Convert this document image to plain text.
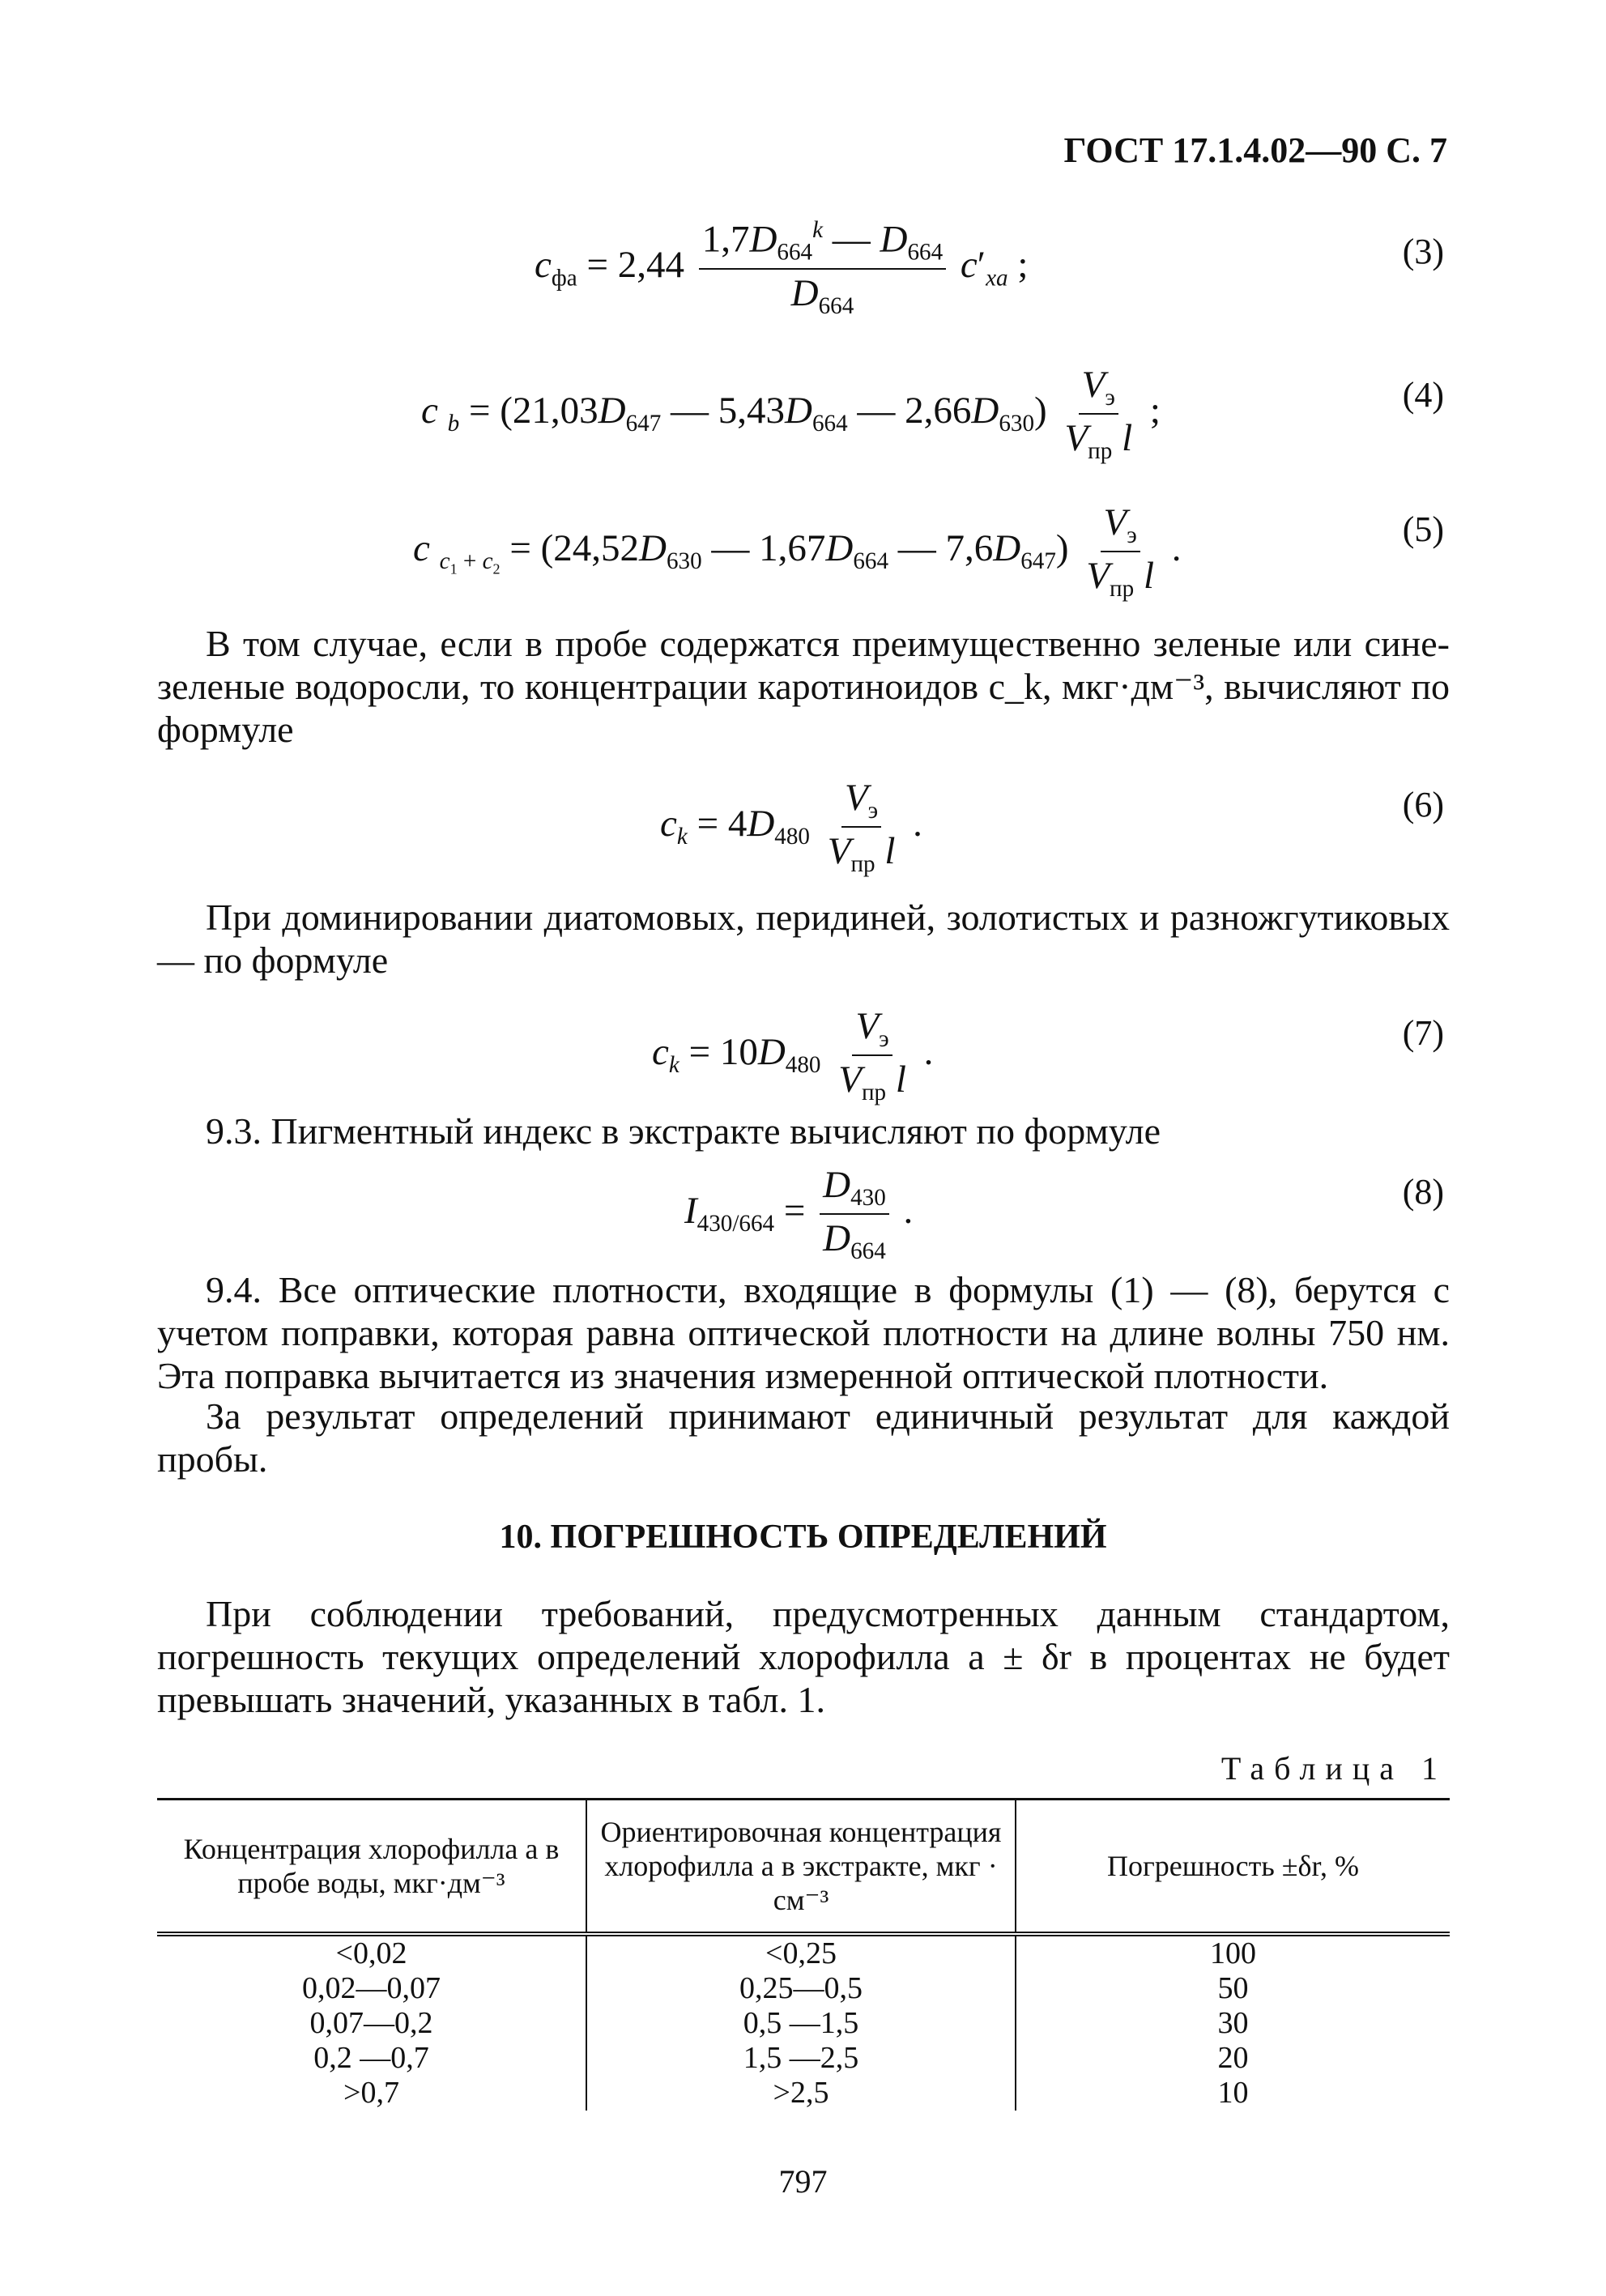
ГОСТ 17.1.4.02—90 С. 7
$c_{фа} = 2,44 \frac{1,7D_{664}^k — D_{664}}{D_{664}} c'_{xa}$ ;	(3)
c $_b = (21,03D_{647}$ — $5,43D_{664}$ — $2,66D_{630}) \frac{V_э}{V_{пр} l}$ ;	(4)
c $_{c_1 + c_2} = (24,52D_{630}$ — $1,67D_{664}$ — $7,6D_{647}) \frac{V_э}{V_{пр} l}$ .	(5)
В том случае, если в пробе содержатся преимущественно зеленые или сине-зеленые водоросли, то концентрации каротиноидов c_k, мкг·дм⁻³, вычисляют по формуле
$c_k = 4D_{480} \frac{V_э}{V_{пр} l}$ .	(6)
При доминировании диатомовых, перидиней, золотистых и разножгутиковых — по формуле
$c_k = 10D_{480} \frac{V_э}{V_{пр} l}$ .	(7)
9.3. Пигментный индекс в экстракте вычисляют по формуле
$I_{430/664} = \frac{D_{430}}{D_{664}}$ .	(8)
9.4. Все оптические плотности, входящие в формулы (1) — (8), берутся с учетом поправки, которая равна оптической плотности на длине волны 750 нм. Эта поправка вычитается из значения измеренной оптической плотности.
За результат определений принимают единичный результат для каждой пробы.
10. ПОГРЕШНОСТЬ ОПРЕДЕЛЕНИЙ
При соблюдении требований, предусмотренных данным стандартом, погрешность текущих определений хлорофилла a ± δr в процентах не будет превышать значений, указанных в табл. 1.
Таблица 1
Концентрация хлорофилла a в пробе воды, мкг·дм⁻³	Ориентировочная концентрация хлорофилла a в экстракте, мкг · см⁻³	Погрешность ±δr, %
<0,02	<0,25	100
0,02—0,07	0,25—0,5	50
0,07—0,2	0,5 —1,5	30
0,2 —0,7	1,5 —2,5	20
>0,7	>2,5	10
797
